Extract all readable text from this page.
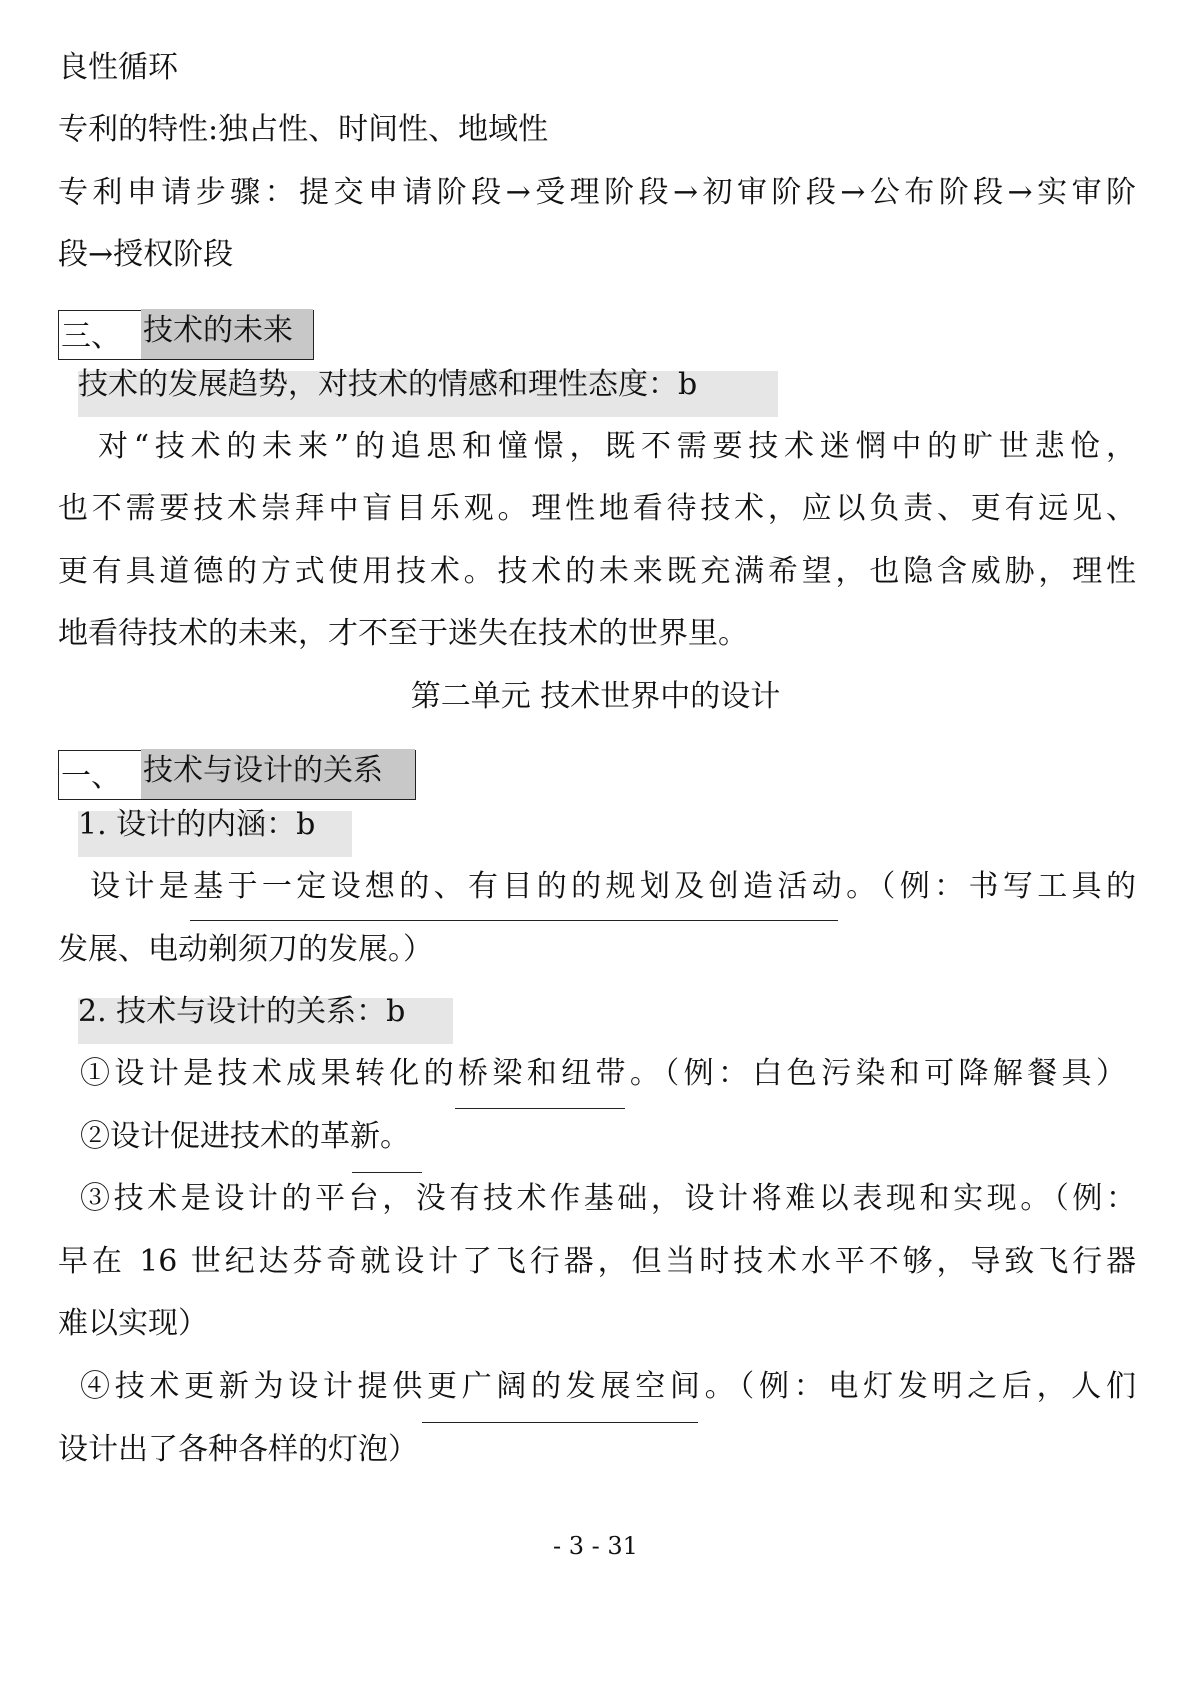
良性循环
专利的特性:独占性、时间性、地域性
专利申请步骤：提交申请阶段→受理阶段→初审阶段→公布阶段→实审阶
段→授权阶段
三、 技术的未来
技术的发展趋势，对技术的情感和理性态度：b
对“技术的未来”的追思和憧憬，既不需要技术迷惘中的旷世悲怆，
也不需要技术崇拜中盲目乐观。理性地看待技术，应以负责、更有远见、
更有具道德的方式使用技术。技术的未来既充满希望，也隐含威胁，理性
地看待技术的未来，才不至于迷失在技术的世界里。
第二单元 技术世界中的设计
一、 技术与设计的关系
1. 设计的内涵：b
设计是基于一定设想的、有目的的规划及创造活动。（例：书写工具的
发展、电动剃须刀的发展。）
2. 技术与设计的关系：b
①设计是技术成果转化的桥梁和纽带。（例：白色污染和可降解餐具）
②设计促进技术的革新。
③技术是设计的平台，没有技术作基础，设计将难以表现和实现。（例：
早在 16 世纪达芬奇就设计了飞行器，但当时技术水平不够，导致飞行器
难以实现）
④技术更新为设计提供更广阔的发展空间。（例：电灯发明之后，人们
设计出了各种各样的灯泡）
- 3 - 31
